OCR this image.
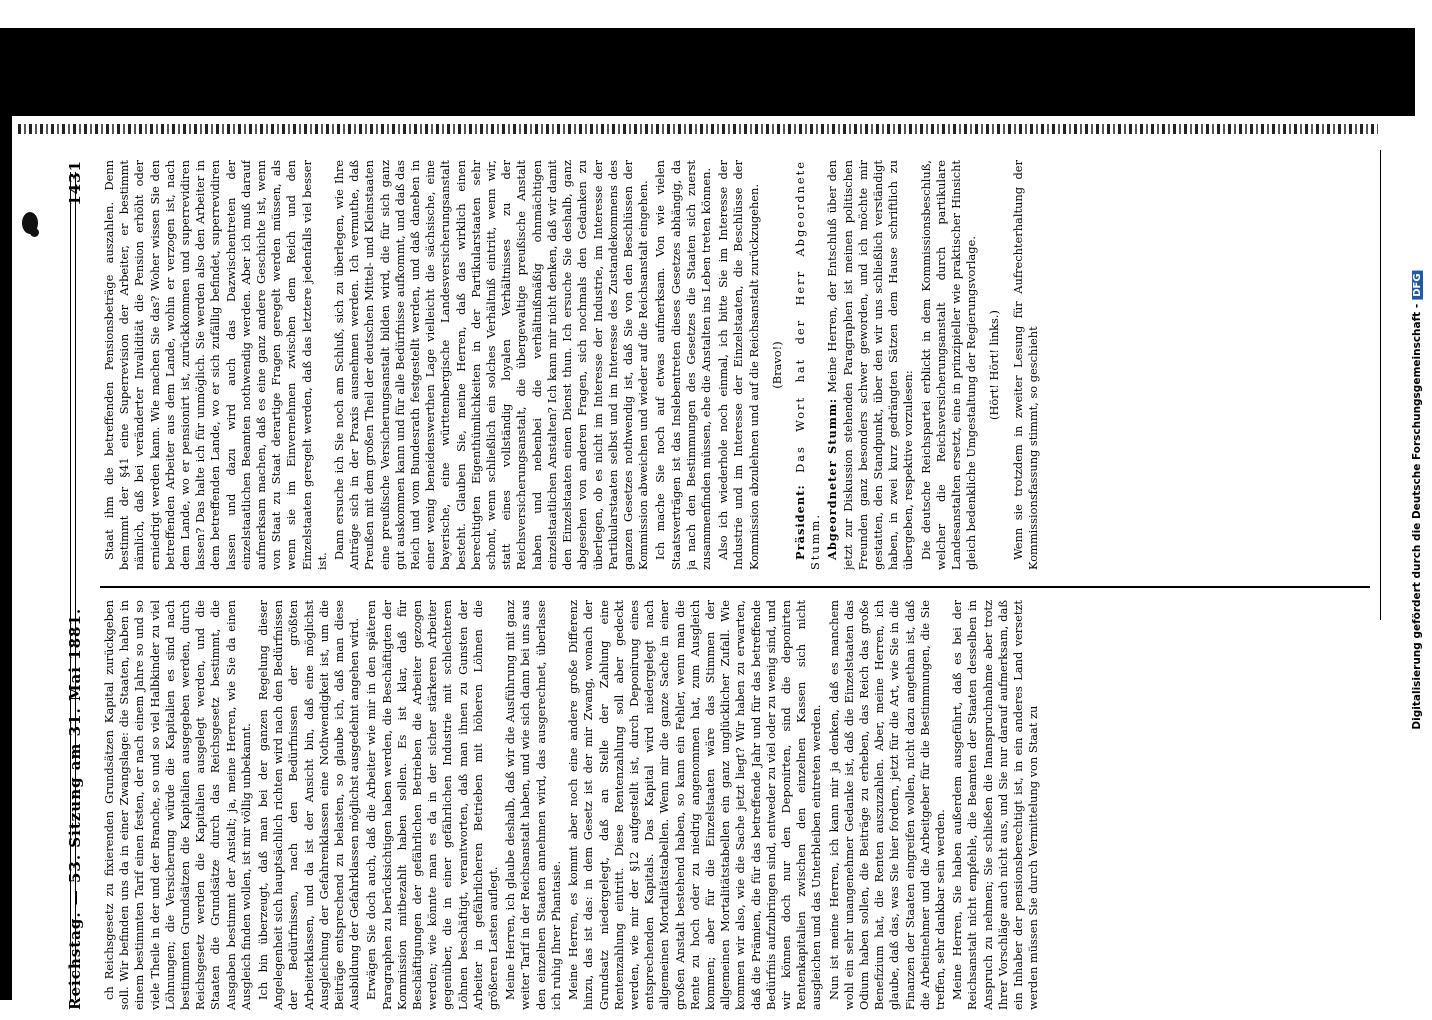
Reichstag. — 53. Sitzung am 31. Mai 1881.
1431

ch Reichsgesetz zu fixierenden Grundsätzen Kapital zurückgeben soll. Wir befinden uns da in einer Zwangslage: die Staaten, haben in einem bestimmten Tarif einen festen, der nach einem Jahre so und so viele Theile in der und der Branche, so und so viel Halbkinder zu viel Löhnungen; die Versicherung würde die Kapitalien es sind nach bestimmten Grundsätzen die Kapitalien ausgegeben werden, durch Reichsgesetz werden die Kapitalien ausgelegt werden, und die Staaten die Grundsätze durch das Reichsgesetz bestimmt, die Ausgaben bestimmt der Anstalt; ja, meine Herren, wie Sie da einen Ausgleich finden wollen, ist mir völlig unbekannt. Ich bin überzeugt, daß man bei der ganzen Regelung dieser Angelegenheit sich hauptsächlich richten wird nach den Bedürfnissen der Bedürfnissen, nach den Bedürfnissen der größten Arbeiterklassen, und da ist der Ansicht bin, daß eine möglichst Ausgleichung der Gefahrenklassen eine Nothwendigkeit ist, um die Beiträge entsprechend zu belasten, so glaube ich, daß man diese Ausbildung der Gefahrklassen möglichst ausgedehnt angehen wird. Erwägen Sie doch auch, daß die Arbeiter wie mir in den späteren Paragraphen zu berücksichtigen haben werden, die Beschäftigten der Kommission mitbezahlt haben sollen. Es ist klar, daß für Beschäftigungen der gefährlichen Betrieben die Arbeiter gezogen werden; wie könnte man es da in der sicher stärkeren Arbeiter gegenüber, die in einer gefährlichen Industrie mit schlechteren Löhnen beschäftigt, verantworten, daß man ihnen zu Gunsten der Arbeiter in gefährlicheren Betrieben mit höheren Löhnen die größeren Lasten auflegt. Meine Herren, ich glaube deshalb, daß wir die Ausführung mit ganz weiter Tarif in der Reichsanstalt haben, und wie sich dann bei uns aus den einzelnen Staaten annehmen wird, das ausgerechnet, überlasse ich ruhig Ihrer Phantasie. Meine Herren, es kommt aber noch eine andere große Differenz hinzu, das ist das: in dem Gesetz ist der mir Zwang, wonach der Grundsatz niedergelegt, daß an Stelle der Zahlung eine Rentenzahlung eintritt. Diese Rentenzahlung soll aber gedeckt werden, wie mir der §12 aufgestellt ist, durch Deponirung eines entsprechenden Kapitals. Das Kapital wird niedergelegt nach allgemeinen Mortalitätstabellen. Wenn mir die ganze Sache in einer großen Anstalt bestehend haben, so kann ein Fehler, wenn man die Rente zu hoch oder zu niedrig angenommen hat, zum Ausgleich kommen; aber für die Einzelstaaten wäre das Stimmen der allgemeinen Mortalitätstabellen ein ganz unglücklicher Zufall. Wie kommen wir also, wie die Sache jetzt liegt? Wir haben zu erwarten, daß die Prämien, die für das betreffende Jahr und für das betreffende Bedürfnis aufzubringen sind, entweder zu viel oder zu wenig sind, und wir können doch nur den Deponirten, sind die deponirten Rentenkapitalien zwischen den einzelnen Kassen sich nicht ausgleichen und das Unterbleiben eintreten werden. Nun ist meine Herren, ich kann mir ja denken, daß es manchem wohl ein sehr unangenehmer Gedanke ist, daß die Einzelstaaten das Odium haben sollen, die Beiträge zu erheben, das Reich das große Benefizium hat, die Renten auszuzahlen. Aber, meine Herren, ich glaube, daß das, was Sie hier fordern, jetzt für die Art, wie Sie in die Finanzen der Staaten eingreifen wollen, nicht dazu angethan ist, daß die Arbeitnehmer und die Arbeitgeber für die Bestimmungen, die Sie treffen, sehr dankbar sein werden. Meine Herren, Sie haben außerdem ausgeführt, daß es bei der Reichsanstalt nicht empfehle, die Beamten der Staaten desselben in Anspruch zu nehmen; Sie schließen die Inanspruchnahme aber trotz Ihrer Vorschläge auch nicht aus, und Sie nur darauf aufmerksam, daß ein Inhaber der pensionsberechtigt ist, in ein anderes Land versetzt werden müssen Sie durch Vermittelung von Staat zu

Staat ihm die betreffenden Pensionsbeträge auszahlen. Denn bestimmt der §41 eine Superrevision der Arbeiter, er bestimmt nämlich, daß bei veränderter Invalidität die Pension erhöht oder erniedrigt werden kann. Wie machen Sie das? Woher wissen Sie den betreffenden Arbeiter aus dem Lande, wohin er verzogen ist, nach dem Lande, wo er pensionirt ist, zurückkommen und superrevidiren lassen? Das halte ich für unmöglich. Sie werden also den Arbeiter in dem betreffenden Lande, wo er sich zufällig befindet, superrevidiren lassen und dazu wird auch das Dazwischentreten der einzelstaatlichen Beamten nothwendig werden. Aber ich muß darauf aufmerksam machen, daß es eine ganz andere Geschichte ist, wenn von Staat zu Staat derartige Fragen geregelt werden müssen, als wenn sie im Einvernehmen zwischen dem Reich und den Einzelstaaten geregelt werden, daß das letztere jedenfalls viel besser ist.

Dann ersuche ich Sie noch am Schluß, sich zu überlegen, wie Ihre Anträge sich in der Praxis ausnehmen werden. Ich vermuthe, daß Preußen mit dem großen Theil der deutschen Mittel- und Kleinstaaten eine preußische Versicherungsanstalt bilden wird, die für sich ganz gut auskommen kann und für alle Bedürfnisse aufkommt, und daß das Reich und vom Bundesrath festgestellt werden, und daß daneben in einer wenig beneidenswerthen Lage vielleicht die sächsische, eine bayerische, eine württembergische Landesversicherungsanstalt besteht. Glauben Sie, meine Herren, daß das wirklich einen berechtigten Eigenthümlichkeiten in der Partikularstaaten sehr schont, wenn schließlich ein solches Verhältniß eintritt, wenn wir, statt eines vollständig loyalen Verhältnisses zu der Reichsversicherungsanstalt, die übergewaltige preußische Anstalt haben und nebenbei die verhältnißmäßig ohnmächtigen einzelstaatlichen Anstalten? Ich kann mir nicht denken, daß wir damit den Einzelstaaten einen Dienst thun. Ich ersuche Sie deshalb, ganz abgesehen von anderen Fragen, sich nochmals den Gedanken zu überlegen, ob es nicht im Interesse der Industrie, im Interesse der Partikularstaaten selbst und im Interesse des Zustandekommens des ganzen Gesetzes nothwendig ist, daß Sie von den Beschlüssen der Kommission abweichen und wieder auf die Reichsanstalt eingehen. Ich mache Sie noch auf etwas aufmerksam. Von wie vielen Staatsverträgen ist das Inslebentreten dieses Gesetzes abhängig, da ja nach den Bestimmungen des Gesetzes die Staaten sich zuerst zusammenfinden müssen, ehe die Anstalten ins Leben treten können. Also ich wiederhole noch einmal, ich bitte Sie im Interesse der Industrie und im Interesse der Einzelstaaten, die Beschlüsse der Kommission abzulehnen und auf die Reichsanstalt zurückzugehen. (Bravo!)

Präsident: Das Wort hat der Herr Abgeordnete Stumm. Abgeordneter Stumm: Meine Herren, der Entschluß über den jetzt zur Diskussion stehenden Paragraphen ist meinen politischen Freunden ganz besonders schwer geworden, und ich möchte mir gestatten, den Standpunkt, über den wir uns schließlich verständigt haben, in zwei kurz gedrängten Sätzen dem Hause schriftlich zu übergeben, respektive vorzulesen: Die deutsche Reichspartei erblickt in dem Kommissionsbeschluß, welcher die Reichsversicherungsanstalt durch partikulare Landesanstalten ersetzt, eine in prinzipieller wie praktischer Hinsicht gleich bedenkliche Umgestaltung der Regierungsvorlage. (Hört! Hört! links.) Wenn sie trotzdem in zweiter Lesung für Aufrechterhaltung der Kommissionsfassung stimmt, so geschieht	Digitalisierung gefördert durch die Deutsche Forschungsgemeinschaft -DFG
